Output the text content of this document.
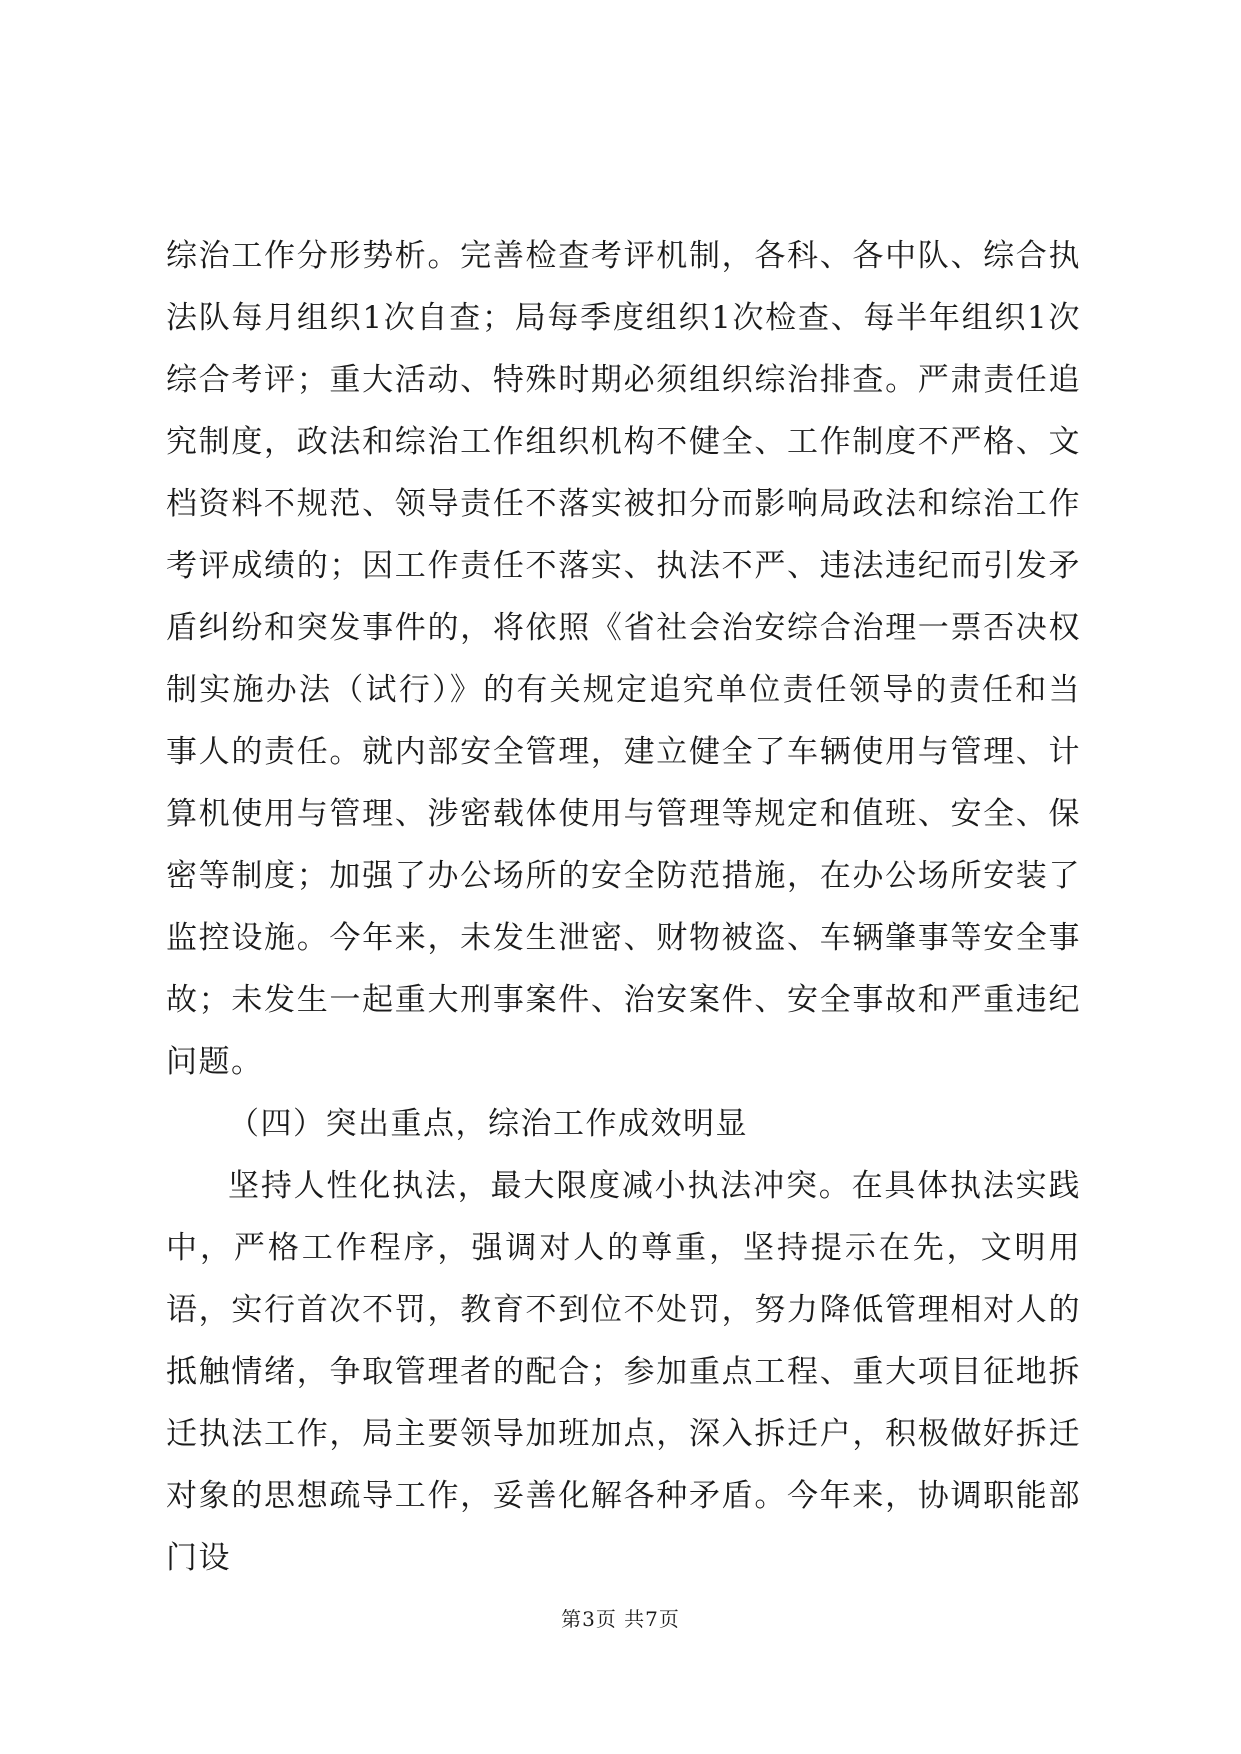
综治工作分形势析。完善检查考评机制，各科、各中队、综合执法队每月组织1次自查；局每季度组织1次检查、每半年组织1次综合考评；重大活动、特殊时期必须组织综治排查。严肃责任追究制度，政法和综治工作组织机构不健全、工作制度不严格、文档资料不规范、领导责任不落实被扣分而影响局政法和综治工作考评成绩的；因工作责任不落实、执法不严、违法违纪而引发矛盾纠纷和突发事件的，将依照《省社会治安综合治理一票否决权制实施办法（试行）》的有关规定追究单位责任领导的责任和当事人的责任。就内部安全管理，建立健全了车辆使用与管理、计算机使用与管理、涉密载体使用与管理等规定和值班、安全、保密等制度；加强了办公场所的安全防范措施，在办公场所安装了监控设施。今年来，未发生泄密、财物被盗、车辆肇事等安全事故；未发生一起重大刑事案件、治安案件、安全事故和严重违纪问题。

（四）突出重点，综治工作成效明显

坚持人性化执法，最大限度减小执法冲突。在具体执法实践中，严格工作程序，强调对人的尊重，坚持提示在先，文明用语，实行首次不罚，教育不到位不处罚，努力降低管理相对人的抵触情绪，争取管理者的配合；参加重点工程、重大项目征地拆迁执法工作，局主要领导加班加点，深入拆迁户，积极做好拆迁对象的思想疏导工作，妥善化解各种矛盾。今年来，协调职能部门设

第3页 共7页
